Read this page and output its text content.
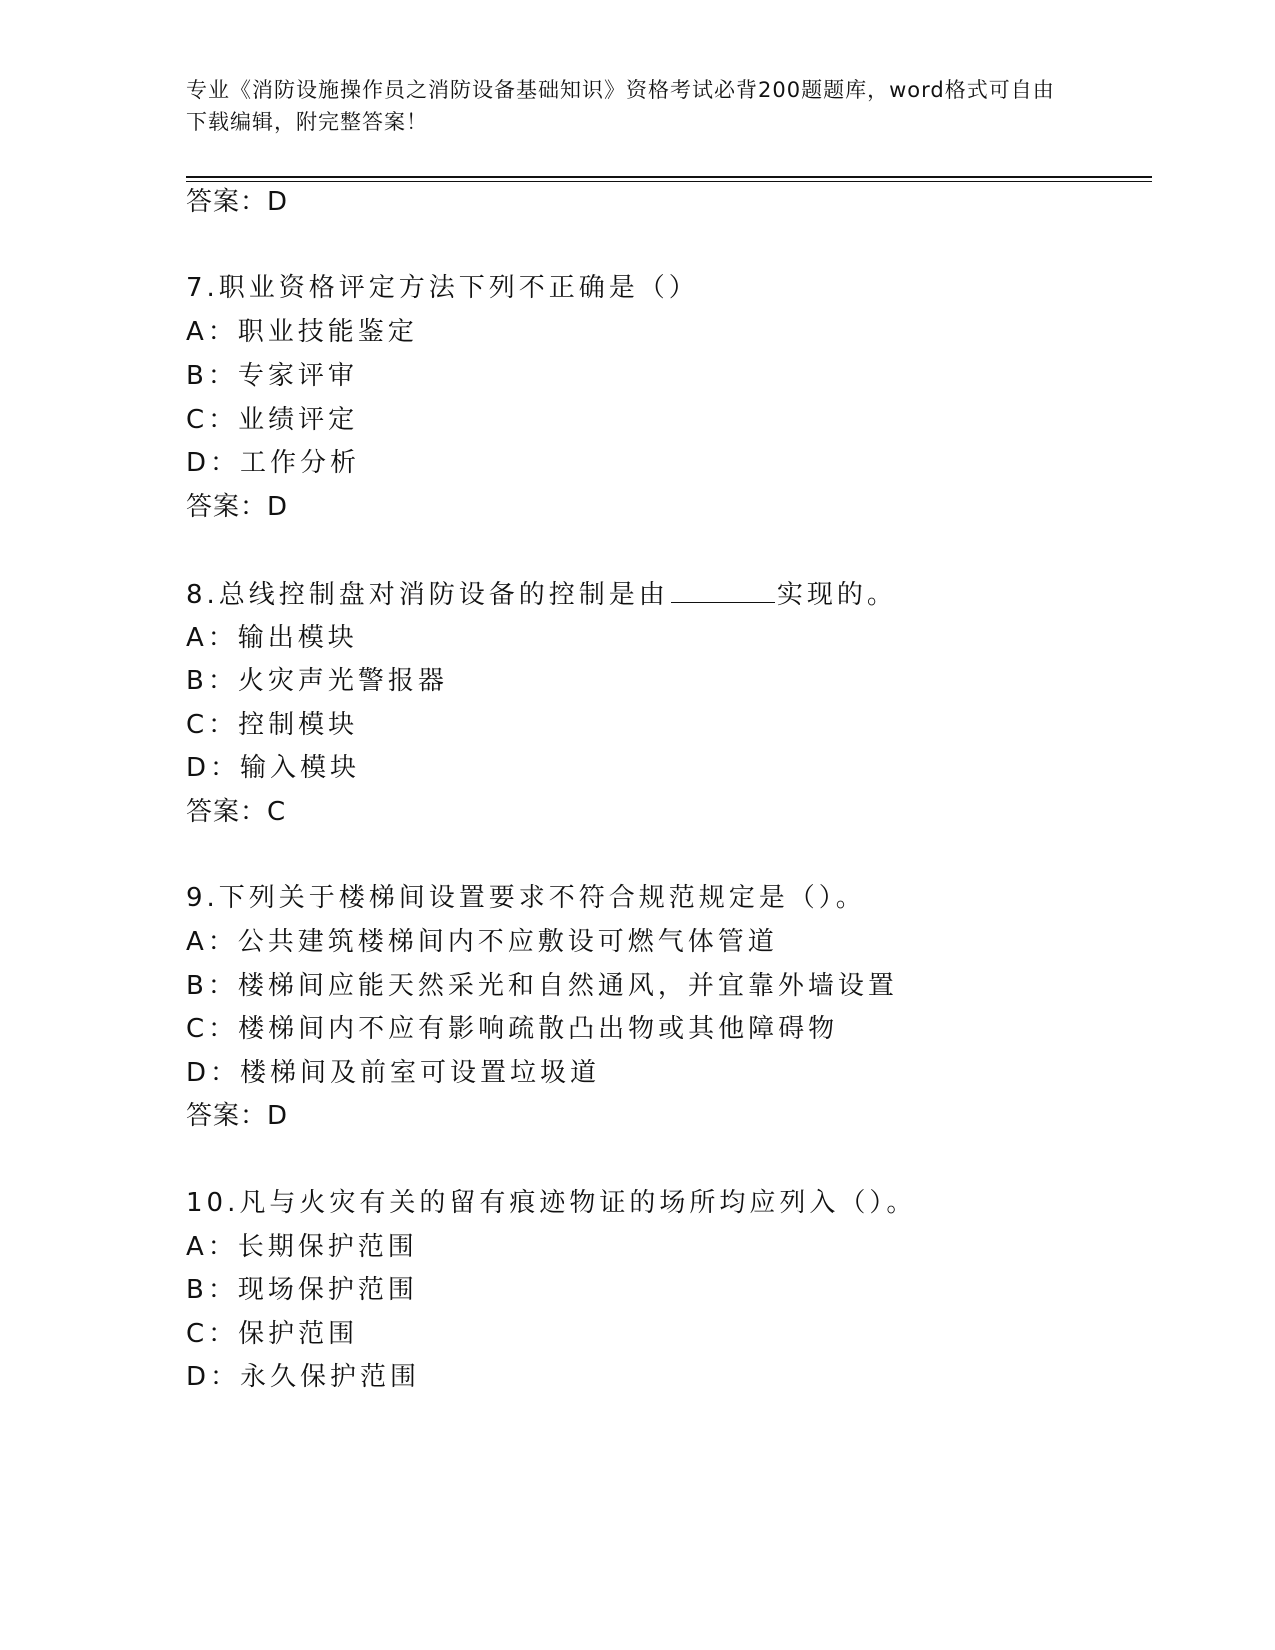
专业《消防设施操作员之消防设备基础知识》资格考试必背200题题库，word格式可自由下载编辑，附完整答案！
答案：D
7.职业资格评定方法下列不正确是（）
A：职业技能鉴定
B：专家评审
C：业绩评定
D：工作分析
答案：D
8.总线控制盘对消防设备的控制是由	实现的。
A：输出模块
B：火灾声光警报器
C：控制模块
D：输入模块
答案：C
9.下列关于楼梯间设置要求不符合规范规定是（）。
A：公共建筑楼梯间内不应敷设可燃气体管道
B：楼梯间应能天然采光和自然通风，并宜靠外墙设置
C：楼梯间内不应有影响疏散凸出物或其他障碍物
D：楼梯间及前室可设置垃圾道
答案：D
10.凡与火灾有关的留有痕迹物证的场所均应列入（）。
A：长期保护范围
B：现场保护范围
C：保护范围
D：永久保护范围
